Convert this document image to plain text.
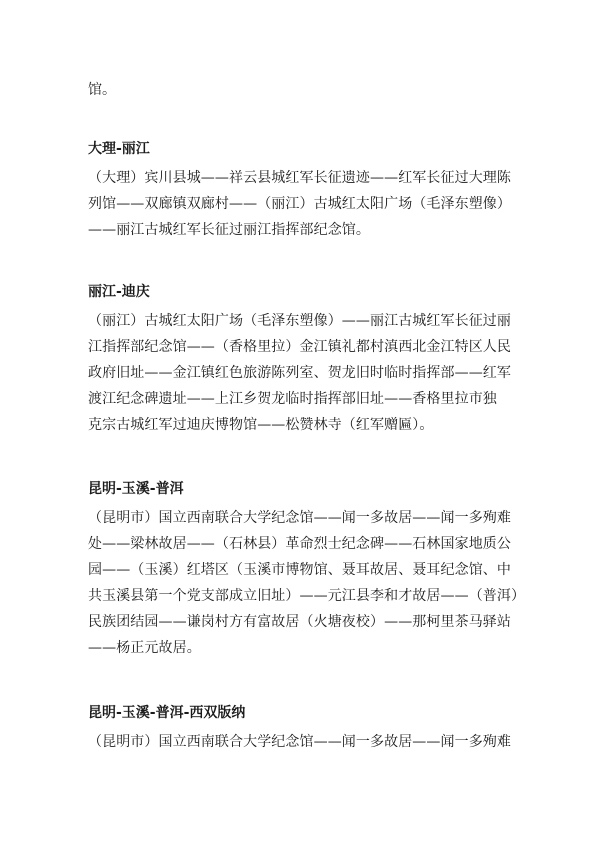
馆。
大理-丽江
（大理）宾川县城——祥云县城红军长征遗迹——红军长征过大理陈
列馆——双廊镇双廊村——（丽江）古城红太阳广场（毛泽东塑像）
——丽江古城红军长征过丽江指挥部纪念馆。
丽江-迪庆
（丽江）古城红太阳广场（毛泽东塑像）——丽江古城红军长征过丽
江指挥部纪念馆——（香格里拉）金江镇礼都村滇西北金江特区人民
政府旧址——金江镇红色旅游陈列室、贺龙旧时临时指挥部——红军
渡江纪念碑遗址——上江乡贺龙临时指挥部旧址——香格里拉市独
克宗古城红军过迪庆博物馆——松赞林寺（红军赠匾）。
昆明-玉溪-普洱
（昆明市）国立西南联合大学纪念馆——闻一多故居——闻一多殉难
处——梁林故居——（石林县）革命烈士纪念碑——石林国家地质公
园——（玉溪）红塔区（玉溪市博物馆、聂耳故居、聂耳纪念馆、中
共玉溪县第一个党支部成立旧址）——元江县李和才故居——（普洱）
民族团结园——谦岗村方有富故居（火塘夜校）——那柯里茶马驿站
——杨正元故居。
昆明-玉溪-普洱-西双版纳
（昆明市）国立西南联合大学纪念馆——闻一多故居——闻一多殉难
